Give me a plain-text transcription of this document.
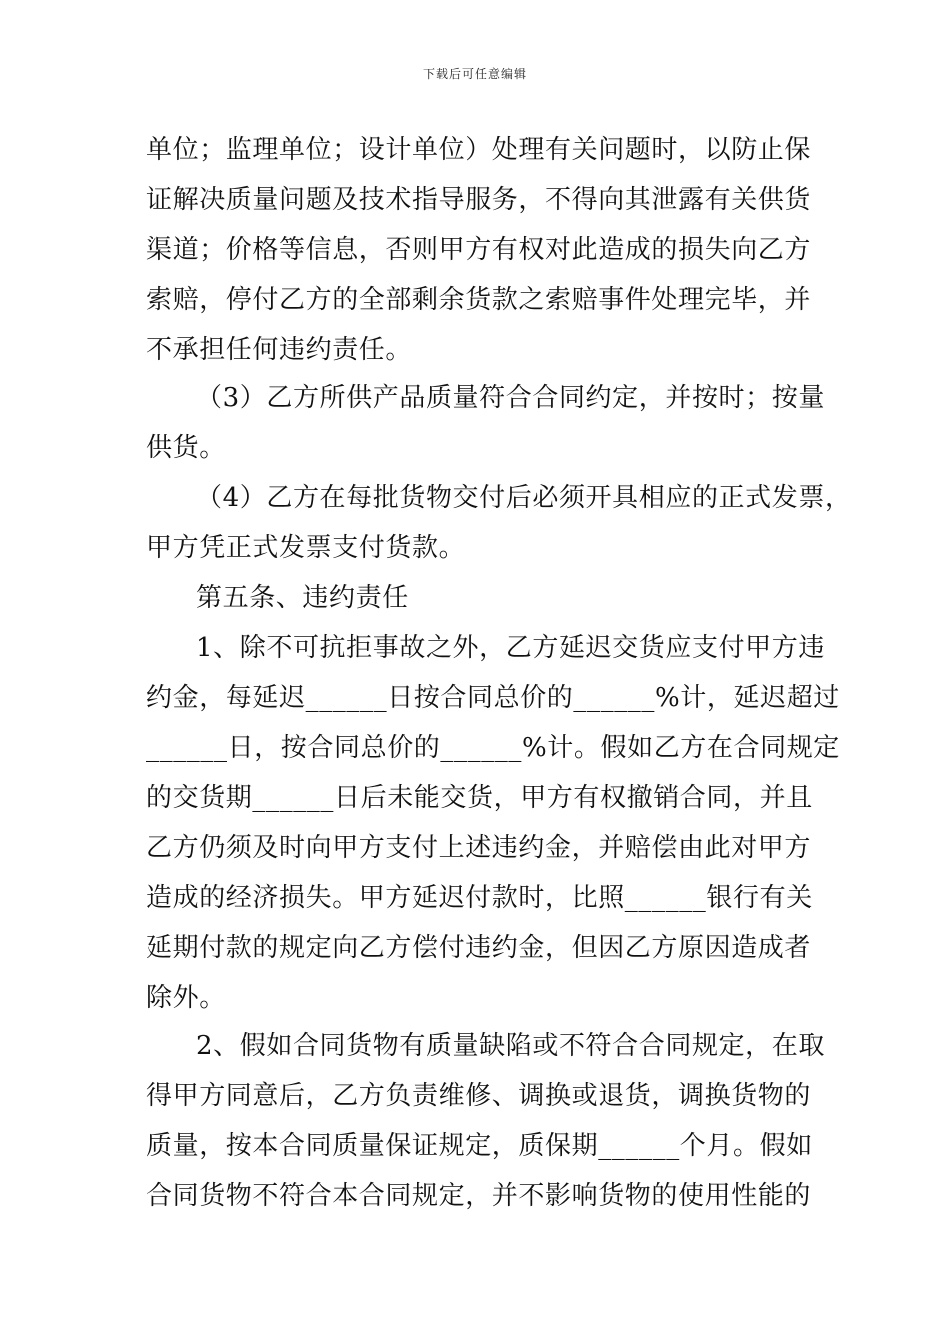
下载后可任意编辑
单位；监理单位；设计单位）处理有关问题时，以防止保
证解决质量问题及技术指导服务，不得向其泄露有关供货
渠道；价格等信息，否则甲方有权对此造成的损失向乙方
索赔，停付乙方的全部剩余货款之索赔事件处理完毕，并
不承担任何违约责任。
（3）乙方所供产品质量符合合同约定，并按时；按量
供货。
（4）乙方在每批货物交付后必须开具相应的正式发票，
甲方凭正式发票支付货款。
第五条、违约责任
1、除不可抗拒事故之外，乙方延迟交货应支付甲方违
约金，每延迟______日按合同总价的______%计，延迟超过
______日，按合同总价的______%计。假如乙方在合同规定
的交货期______日后未能交货，甲方有权撤销合同，并且
乙方仍须及时向甲方支付上述违约金，并赔偿由此对甲方
造成的经济损失。甲方延迟付款时，比照______银行有关
延期付款的规定向乙方偿付违约金，但因乙方原因造成者
除外。
2、假如合同货物有质量缺陷或不符合合同规定，在取
得甲方同意后，乙方负责维修、调换或退货，调换货物的
质量，按本合同质量保证规定，质保期______个月。假如
合同货物不符合本合同规定，并不影响货物的使用性能的
